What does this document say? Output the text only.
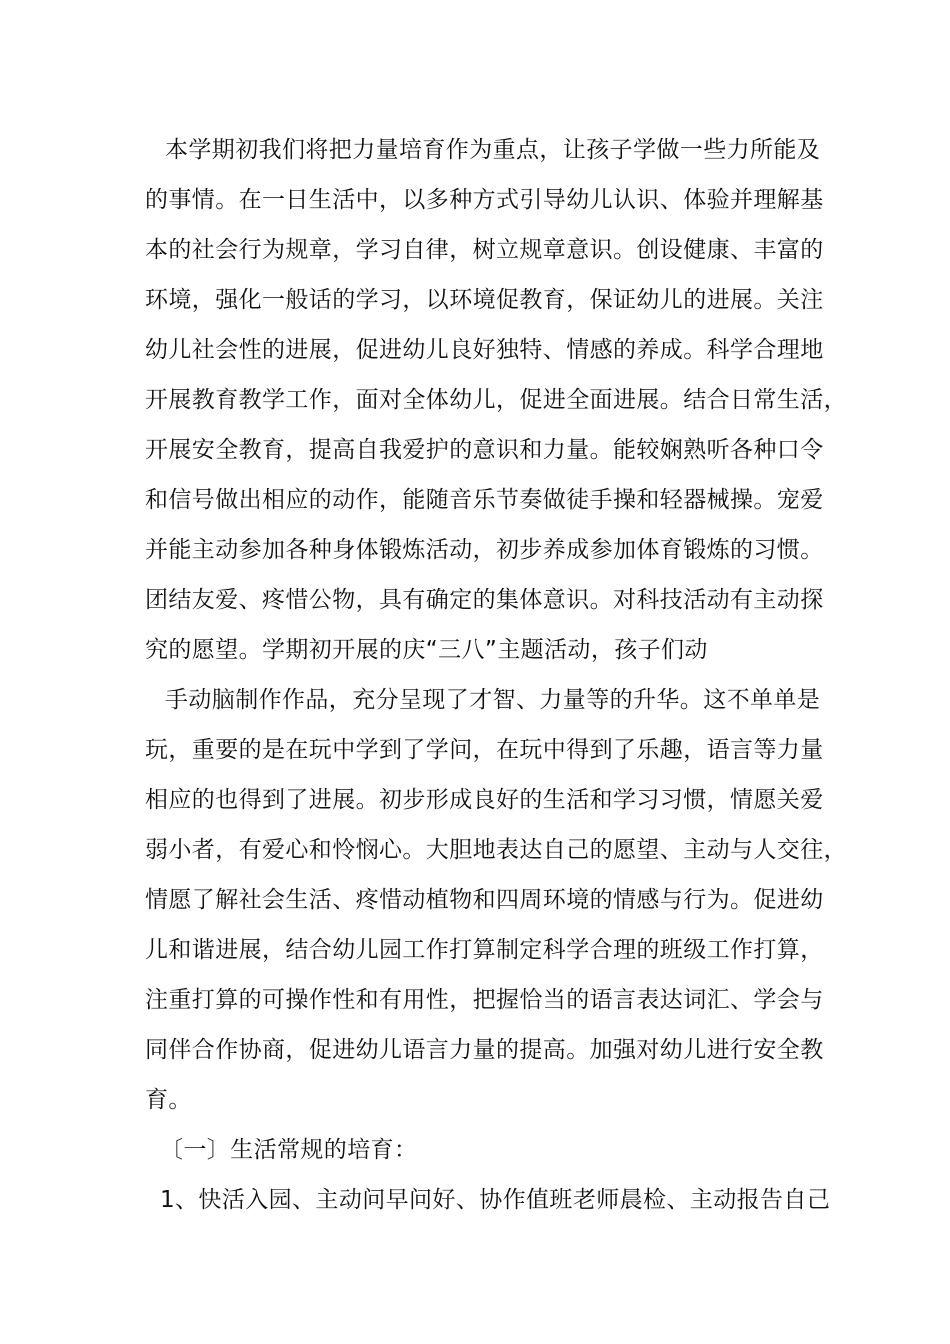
本学期初我们将把力量培育作为重点，让孩子学做一些力所能及

的事情。在一日生活中，以多种方式引导幼儿认识、体验并理解基

本的社会行为规章，学习自律，树立规章意识。创设健康、丰富的

环境，强化一般话的学习，以环境促教育，保证幼儿的进展。关注

幼儿社会性的进展，促进幼儿良好独特、情感的养成。科学合理地

开展教育教学工作，面对全体幼儿，促进全面进展。结合日常生活，

开展安全教育，提高自我爱护的意识和力量。能较娴熟听各种口令

和信号做出相应的动作，能随音乐节奏做徒手操和轻器械操。宠爱

并能主动参加各种身体锻炼活动，初步养成参加体育锻炼的习惯。

团结友爱、疼惜公物，具有确定的集体意识。对科技活动有主动探

究的愿望。学期初开展的庆“三八”主题活动，孩子们动

手动脑制作作品，充分呈现了才智、力量等的升华。这不单单是

玩，重要的是在玩中学到了学问，在玩中得到了乐趣，语言等力量

相应的也得到了进展。初步形成良好的生活和学习习惯，情愿关爱

弱小者，有爱心和怜悯心。大胆地表达自己的愿望、主动与人交往，

情愿了解社会生活、疼惜动植物和四周环境的情感与行为。促进幼

儿和谐进展，结合幼儿园工作打算制定科学合理的班级工作打算，

注重打算的可操作性和有用性，把握恰当的语言表达词汇、学会与

同伴合作协商，促进幼儿语言力量的提高。加强对幼儿进行安全教

育。

〔一〕生活常规的培育：

1、快活入园、主动问早问好、协作值班老师晨检、主动报告自己
